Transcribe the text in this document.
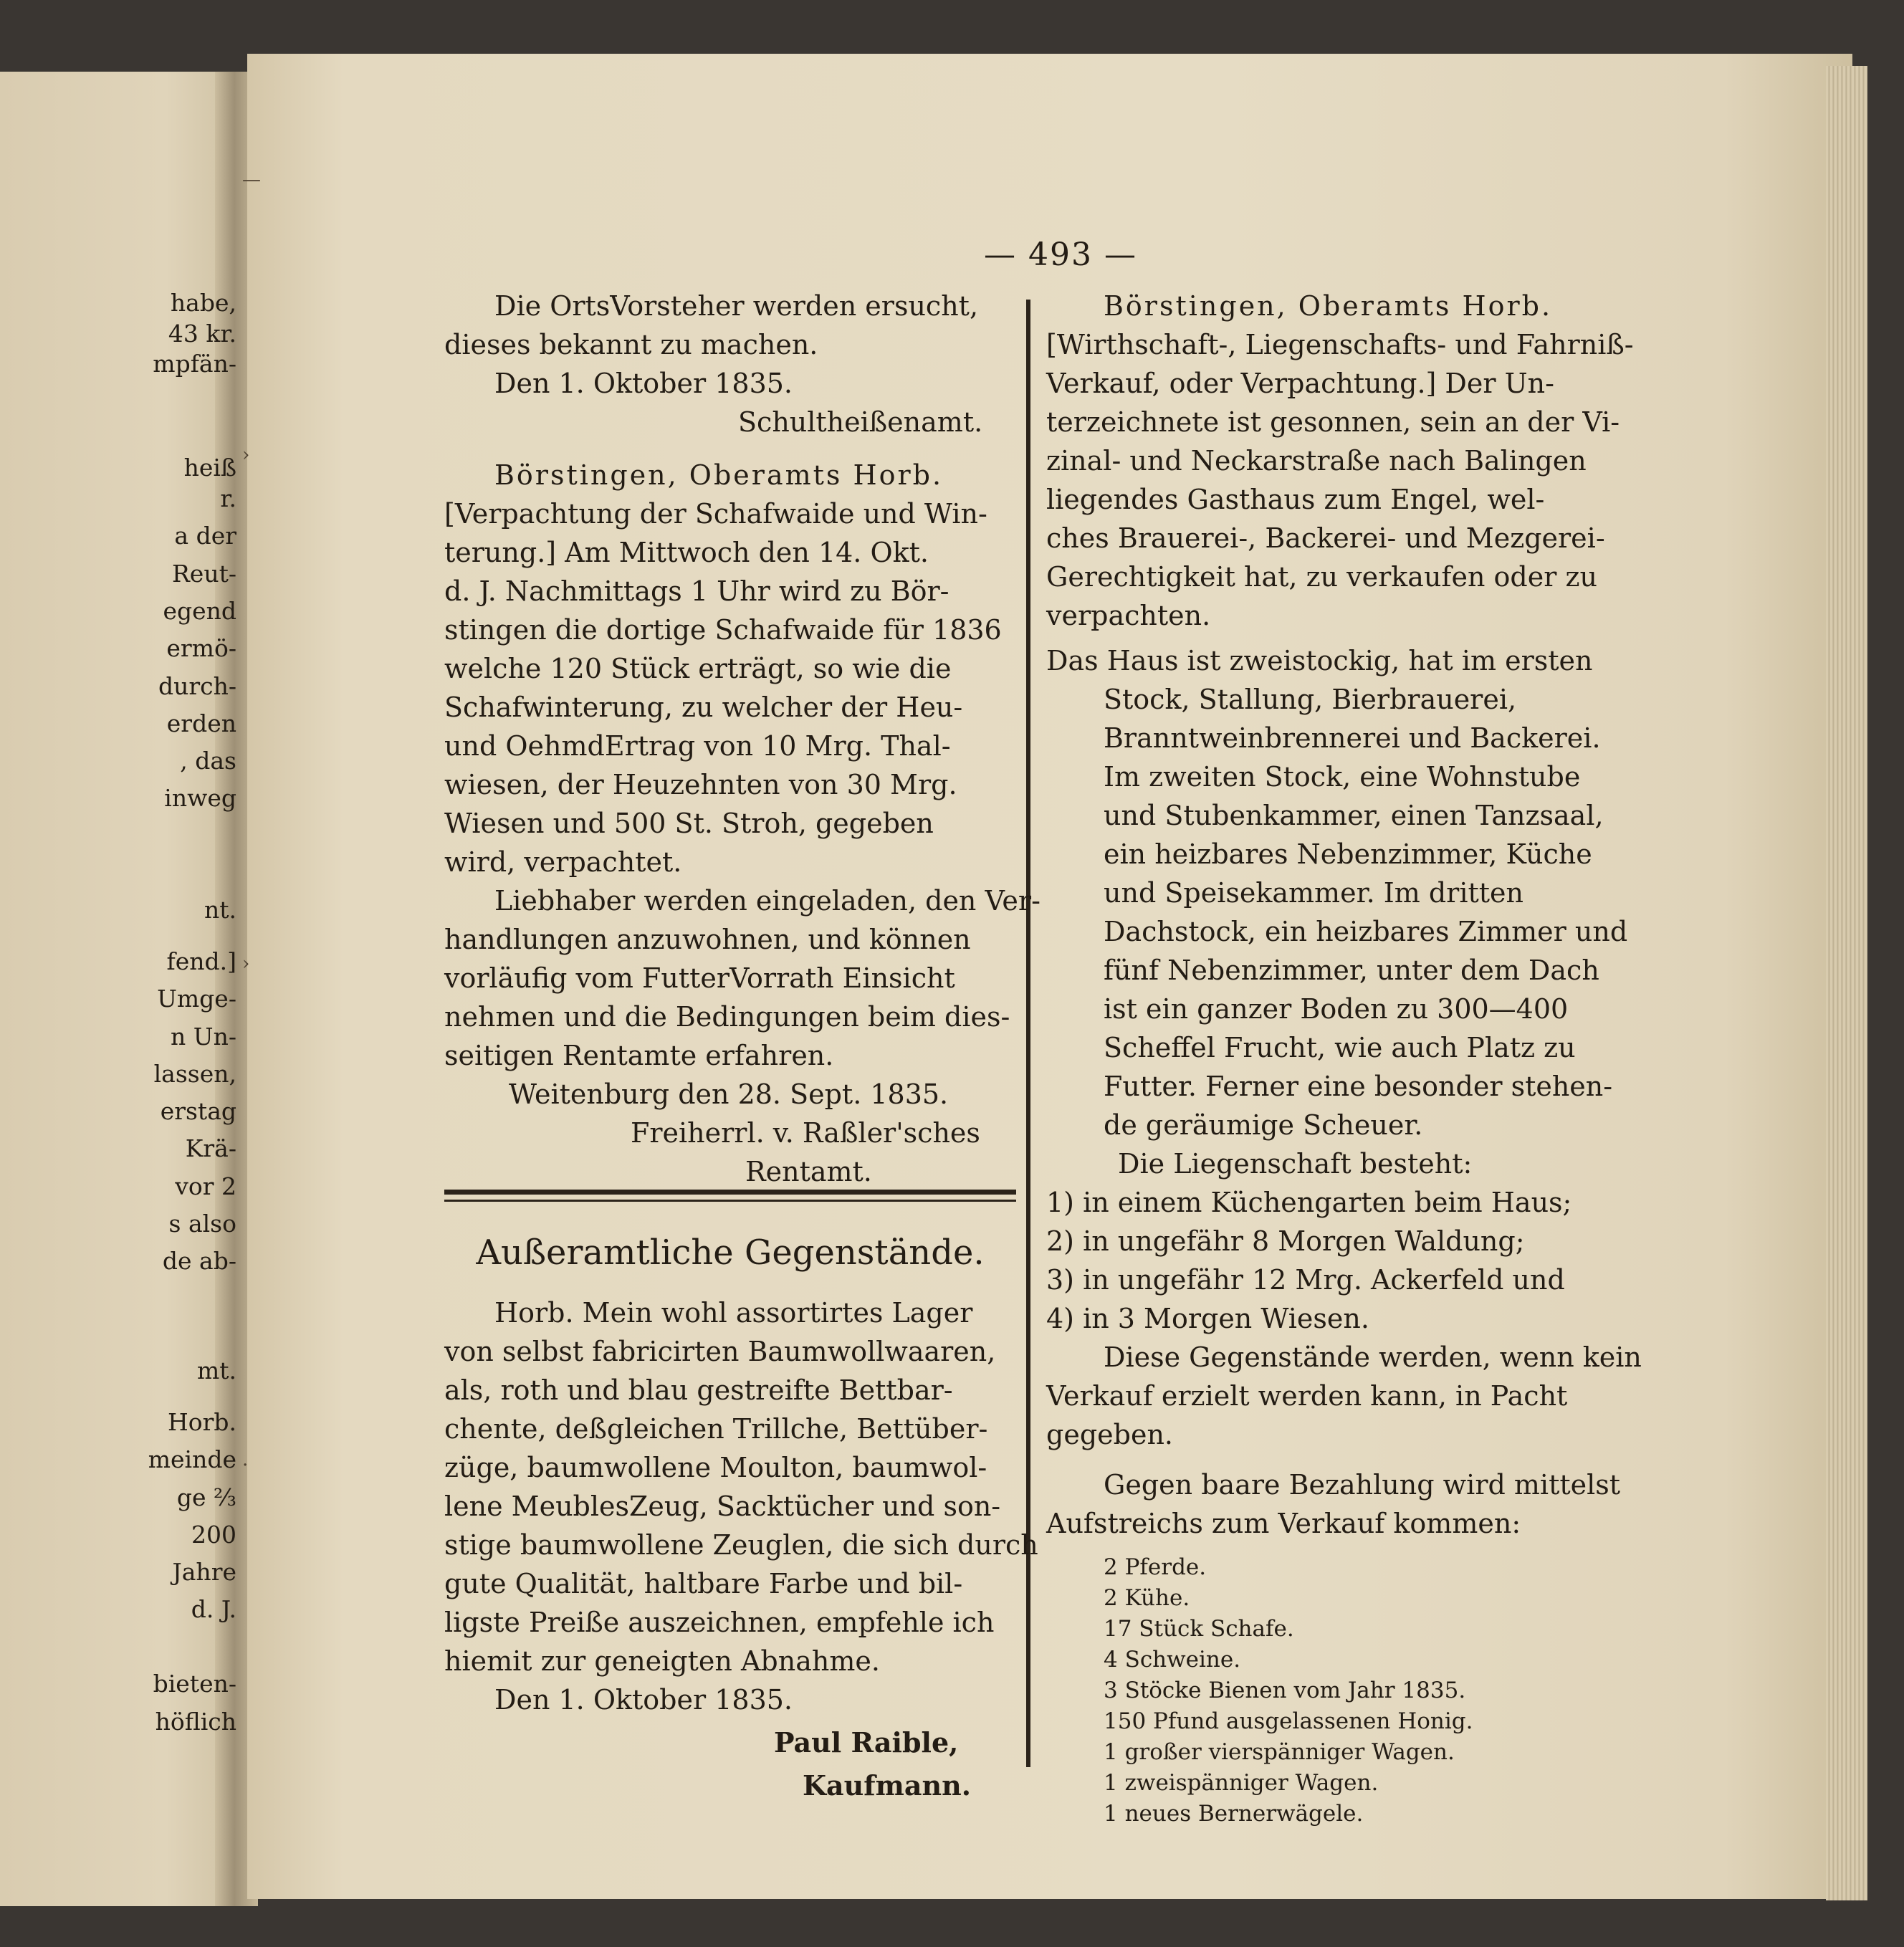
—
›
›
·
habe,
43 kr.
mpfän-
heiß
r.
a der
Reut-
egend
ermö-
durch-
erden
, das
inweg
nt.
fend.]
Umge-
n Un-
lassen,
erstag
Krä-
vor 2
s also
de ab-
mt.
Horb.
meinde
ge ⅔
200
Jahre
d. J.
bieten-
höflich
— 493 —
Die OrtsVorsteher werden ersucht,
dieses bekannt zu machen.
Den 1. Oktober 1835.
Schultheißenamt.
Börstingen, Oberamts Horb.
[Verpachtung der Schafwaide und Win-
terung.] Am Mittwoch den 14. Okt.
d. J. Nachmittags 1 Uhr wird zu Bör-
stingen die dortige Schafwaide für 1836
welche 120 Stück erträgt, so wie die
Schafwinterung, zu welcher der Heu-
und OehmdErtrag von 10 Mrg. Thal-
wiesen, der Heuzehnten von 30 Mrg.
Wiesen und 500 St. Stroh, gegeben
wird, verpachtet.
Liebhaber werden eingeladen, den Ver-
handlungen anzuwohnen, und können
vorläufig vom FutterVorrath Einsicht
nehmen und die Bedingungen beim dies-
seitigen Rentamte erfahren.
Weitenburg den 28. Sept. 1835.
Freiherrl. v. Raßler'sches
Rentamt.
Außeramtliche Gegenstände.
Horb. Mein wohl assortirtes Lager
von selbst fabricirten Baumwollwaaren,
als, roth und blau gestreifte Bettbar-
chente, deßgleichen Trillche, Bettüber-
züge, baumwollene Moulton, baumwol-
lene MeublesZeug, Sacktücher und son-
stige baumwollene Zeuglen, die sich durch
gute Qualität, haltbare Farbe und bil-
ligste Preiße auszeichnen, empfehle ich
hiemit zur geneigten Abnahme.
Den 1. Oktober 1835.
Paul Raible,
Kaufmann.
Börstingen, Oberamts Horb.
[Wirthschaft-, Liegenschafts- und Fahrniß-
Verkauf, oder Verpachtung.] Der Un-
terzeichnete ist gesonnen, sein an der Vi-
zinal- und Neckarstraße nach Balingen
liegendes Gasthaus zum Engel, wel-
ches Brauerei-, Backerei- und Mezgerei-
Gerechtigkeit hat, zu verkaufen oder zu
verpachten.
Das Haus ist zweistockig, hat im ersten
Stock, Stallung, Bierbrauerei,
Branntweinbrennerei und Backerei.
Im zweiten Stock, eine Wohnstube
und Stubenkammer, einen Tanzsaal,
ein heizbares Nebenzimmer, Küche
und Speisekammer. Im dritten
Dachstock, ein heizbares Zimmer und
fünf Nebenzimmer, unter dem Dach
ist ein ganzer Boden zu 300—400
Scheffel Frucht, wie auch Platz zu
Futter. Ferner eine besonder stehen-
de geräumige Scheuer.
Die Liegenschaft besteht:
1) in einem Küchengarten beim Haus;
2) in ungefähr 8 Morgen Waldung;
3) in ungefähr 12 Mrg. Ackerfeld und
4) in 3 Morgen Wiesen.
Diese Gegenstände werden, wenn kein
Verkauf erzielt werden kann, in Pacht
gegeben.
Gegen baare Bezahlung wird mittelst
Aufstreichs zum Verkauf kommen:
2 Pferde.
2 Kühe.
17 Stück Schafe.
4 Schweine.
3 Stöcke Bienen vom Jahr 1835.
150 Pfund ausgelassenen Honig.
1 großer vierspänniger Wagen.
1 zweispänniger Wagen.
1 neues Bernerwägele.
